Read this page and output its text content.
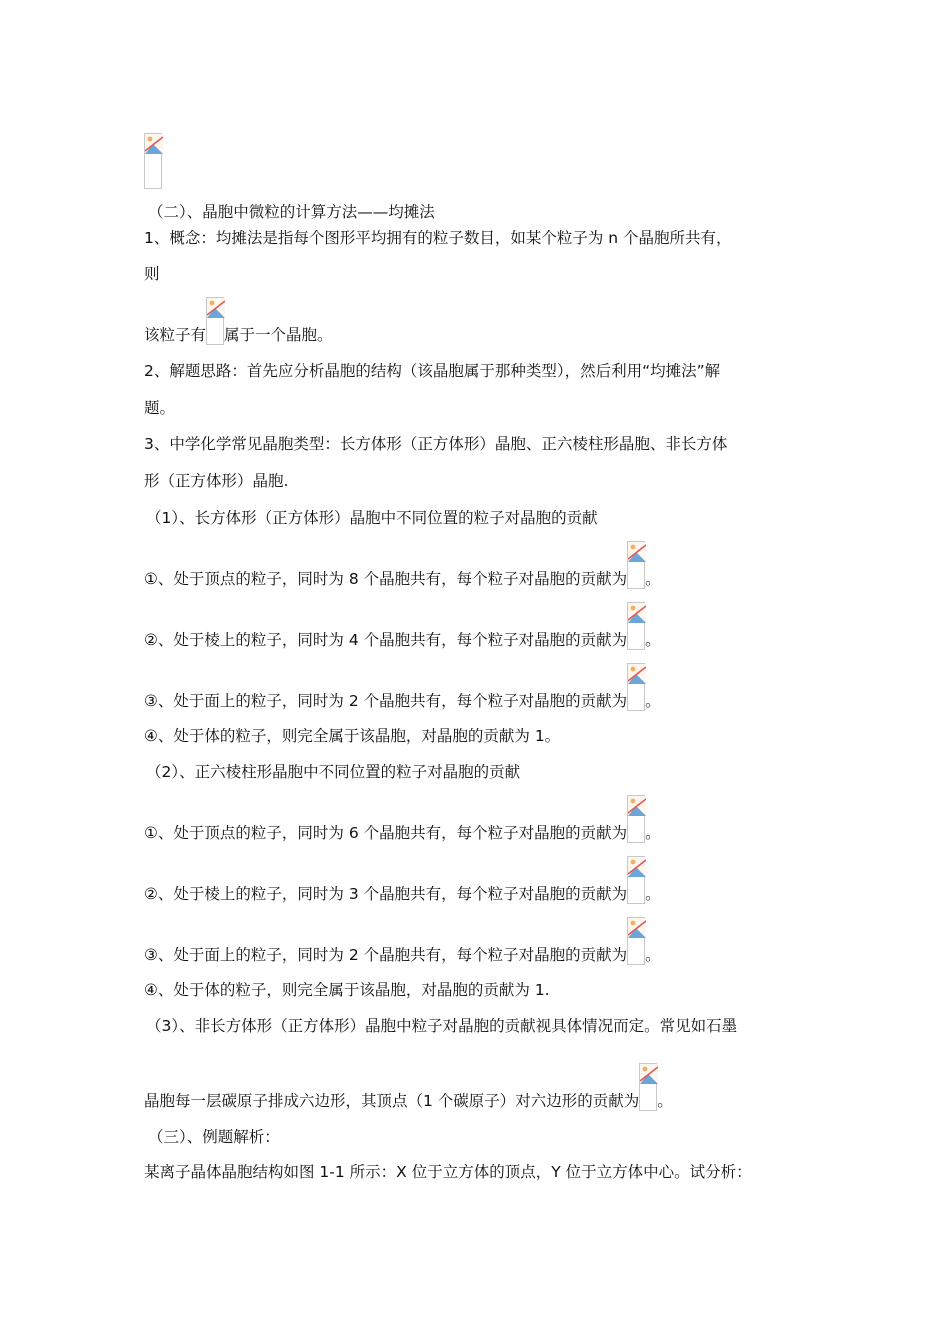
（二）、晶胞中微粒的计算方法——均摊法
1、概念：均摊法是指每个图形平均拥有的粒子数目，如某个粒子为 n 个晶胞所共有，
则
该粒子有 属于一个晶胞。
2、解题思路：首先应分析晶胞的结构（该晶胞属于那种类型），然后利用“均摊法”解
题。
3、中学化学常见晶胞类型：长方体形（正方体形）晶胞、正六棱柱形晶胞、非长方体
形（正方体形）晶胞.
（1）、长方体形（正方体形）晶胞中不同位置的粒子对晶胞的贡献
①、处于顶点的粒子，同时为 8 个晶胞共有，每个粒子对晶胞的贡献为 。
②、处于棱上的粒子，同时为 4 个晶胞共有，每个粒子对晶胞的贡献为 。
③、处于面上的粒子，同时为 2 个晶胞共有，每个粒子对晶胞的贡献为 。
④、处于体的粒子，则完全属于该晶胞，对晶胞的贡献为 1。
（2）、正六棱柱形晶胞中不同位置的粒子对晶胞的贡献
①、处于顶点的粒子，同时为 6 个晶胞共有，每个粒子对晶胞的贡献为 。
②、处于棱上的粒子，同时为 3 个晶胞共有，每个粒子对晶胞的贡献为 。
③、处于面上的粒子，同时为 2 个晶胞共有，每个粒子对晶胞的贡献为 。
④、处于体的粒子，则完全属于该晶胞，对晶胞的贡献为 1.
（3）、非长方体形（正方体形）晶胞中粒子对晶胞的贡献视具体情况而定。常见如石墨
晶胞每一层碳原子排成六边形，其顶点（1 个碳原子）对六边形的贡献为 。
（三）、例题解析：
某离子晶体晶胞结构如图 1-1 所示：X 位于立方体的顶点，Y 位于立方体中心。试分析：
